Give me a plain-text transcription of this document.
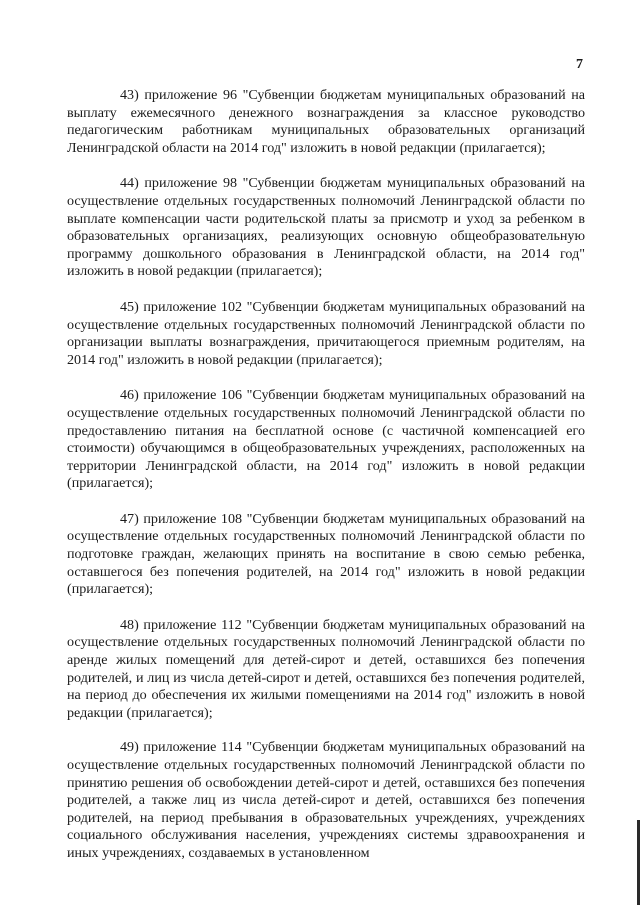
7

43) приложение 96 "Субвенции бюджетам муниципальных образований на выплату ежемесячного денежного вознаграждения за классное руководство педагогическим работникам муниципальных образовательных организаций Ленинградской области на 2014 год" изложить в новой редакции (прилагается);

44) приложение 98 "Субвенции бюджетам муниципальных образований на осуществление отдельных государственных полномочий Ленинградской области по выплате компенсации части родительской платы за присмотр и уход за ребенком в образовательных организациях, реализующих основную общеобразовательную программу дошкольного образования в Ленинградской области, на 2014 год" изложить в новой редакции (прилагается);

45) приложение 102 "Субвенции бюджетам муниципальных образований на осуществление отдельных государственных полномочий Ленинградской области по организации выплаты вознаграждения, причитающегося приемным родителям, на 2014 год" изложить в новой редакции (прилагается);

46) приложение 106 "Субвенции бюджетам муниципальных образований на осуществление отдельных государственных полномочий Ленинградской области по предоставлению питания на бесплатной основе (с частичной компенсацией его стоимости) обучающимся в общеобразовательных учреждениях, расположенных на территории Ленинградской области, на 2014 год" изложить в новой редакции (прилагается);

47) приложение 108 "Субвенции бюджетам муниципальных образований на осуществление отдельных государственных полномочий Ленинградской области по подготовке граждан, желающих принять на воспитание в свою семью ребенка, оставшегося без попечения родителей, на 2014 год" изложить в новой редакции (прилагается);

48) приложение 112 "Субвенции бюджетам муниципальных образований на осуществление отдельных государственных полномочий Ленинградской области по аренде жилых помещений для детей-сирот и детей, оставшихся без попечения родителей, и лиц из числа детей-сирот и детей, оставшихся без попечения родителей, на период до обеспечения их жилыми помещениями на 2014 год" изложить в новой редакции (прилагается);

49) приложение 114 "Субвенции бюджетам муниципальных образований на осуществление отдельных государственных полномочий Ленинградской области по принятию решения об освобождении детей-сирот и детей, оставшихся без попечения родителей, а также лиц из числа детей-сирот и детей, оставшихся без попечения родителей, на период пребывания в образовательных учреждениях, учреждениях социального обслуживания населения, учреждениях системы здравоохранения и иных учреждениях, создаваемых в установленном
